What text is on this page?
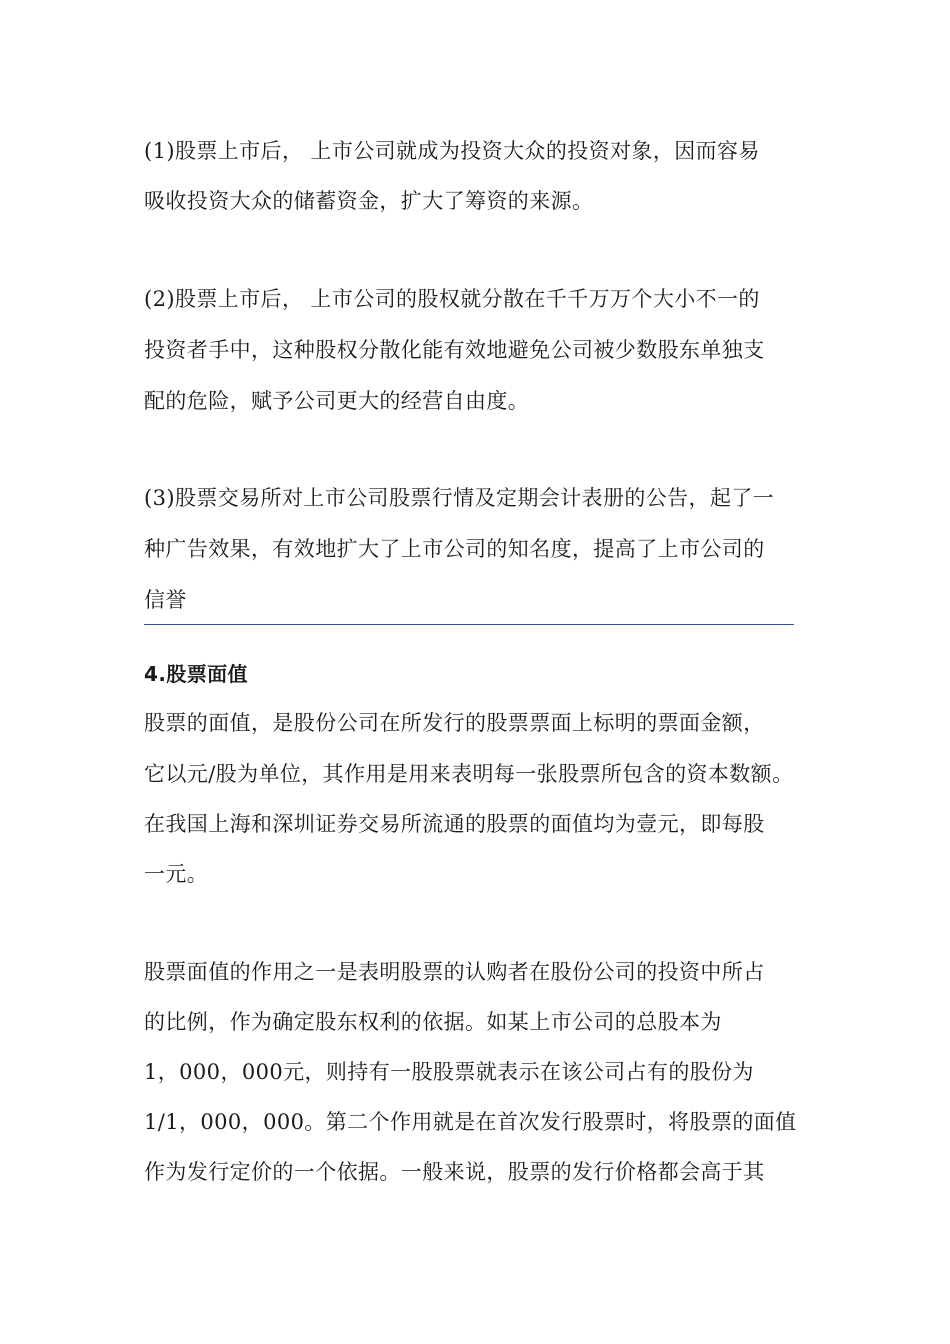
(1)股票上市后， 上市公司就成为投资大众的投资对象，因而容易
吸收投资大众的储蓄资金，扩大了筹资的来源。
(2)股票上市后， 上市公司的股权就分散在千千万万个大小不一的
投资者手中，这种股权分散化能有效地避免公司被少数股东单独支
配的危险，赋予公司更大的经营自由度。
(3)股票交易所对上市公司股票行情及定期会计表册的公告，起了一
种广告效果，有效地扩大了上市公司的知名度，提高了上市公司的
信誉
4.股票面值
股票的面值，是股份公司在所发行的股票票面上标明的票面金额，
它以元/股为单位，其作用是用来表明每一张股票所包含的资本数额。
在我国上海和深圳证券交易所流通的股票的面值均为壹元，即每股
一元。
股票面值的作用之一是表明股票的认购者在股份公司的投资中所占
的比例，作为确定股东权利的依据。如某上市公司的总股本为
1，000，000元，则持有一股股票就表示在该公司占有的股份为
1/1，000，000。第二个作用就是在首次发行股票时，将股票的面值
作为发行定价的一个依据。一般来说，股票的发行价格都会高于其
